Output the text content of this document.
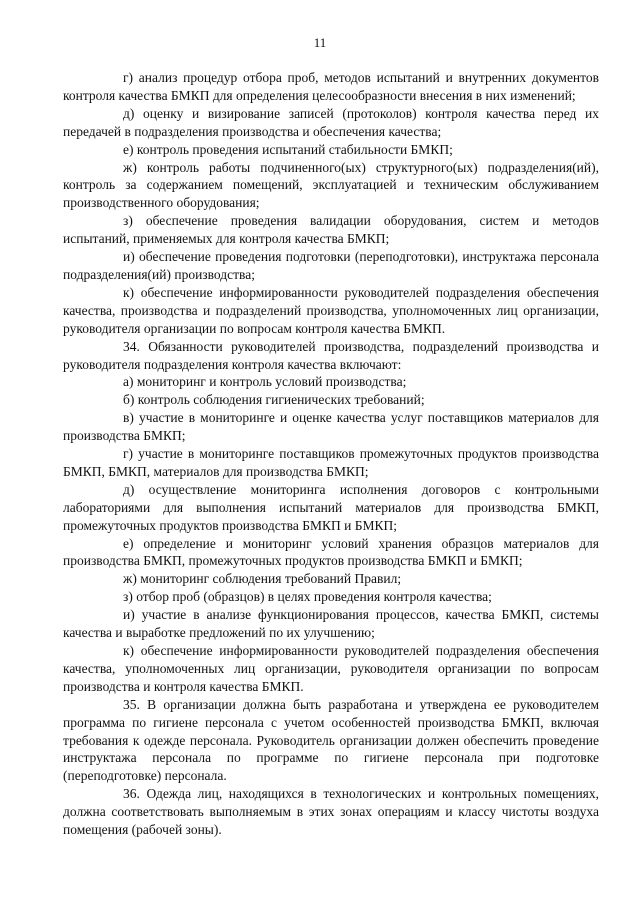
11

г) анализ процедур отбора проб, методов испытаний и внутренних документов контроля качества БМКП для определения целесообразности внесения в них изменений;

д) оценку и визирование записей (протоколов) контроля качества перед их передачей в подразделения производства и обеспечения качества;

е) контроль проведения испытаний стабильности БМКП;

ж) контроль работы подчиненного(ых) структурного(ых) подразделения(ий), контроль за содержанием помещений, эксплуатацией и техническим обслуживанием производственного оборудования;

з) обеспечение проведения валидации оборудования, систем и методов испытаний, применяемых для контроля качества БМКП;

и) обеспечение проведения подготовки (переподготовки), инструктажа персонала подразделения(ий) производства;

к) обеспечение информированности руководителей подразделения обеспечения качества, производства и подразделений производства, уполномоченных лиц организации, руководителя организации по вопросам контроля качества БМКП.

34. Обязанности руководителей производства, подразделений производства и руководителя подразделения контроля качества включают:

а) мониторинг и контроль условий производства;

б) контроль соблюдения гигиенических требований;

в) участие в мониторинге и оценке качества услуг поставщиков материалов для производства БМКП;

г) участие в мониторинге поставщиков промежуточных продуктов производства БМКП, БМКП, материалов для производства БМКП;

д) осуществление мониторинга исполнения договоров с контрольными лабораториями для выполнения испытаний материалов для производства БМКП, промежуточных продуктов производства БМКП и БМКП;

е) определение и мониторинг условий хранения образцов материалов для производства БМКП, промежуточных продуктов производства БМКП и БМКП;

ж) мониторинг соблюдения требований Правил;

з) отбор проб (образцов) в целях проведения контроля качества;

и) участие в анализе функционирования процессов, качества БМКП, системы качества и выработке предложений по их улучшению;

к) обеспечение информированности руководителей подразделения обеспечения качества, уполномоченных лиц организации, руководителя организации по вопросам производства и контроля качества БМКП.

35. В организации должна быть разработана и утверждена ее руководителем программа по гигиене персонала с учетом особенностей производства БМКП, включая требования к одежде персонала. Руководитель организации должен обеспечить проведение инструктажа персонала по программе по гигиене персонала при подготовке (переподготовке) персонала.

36. Одежда лиц, находящихся в технологических и контрольных помещениях, должна соответствовать выполняемым в этих зонах операциям и классу чистоты воздуха помещения (рабочей зоны).
